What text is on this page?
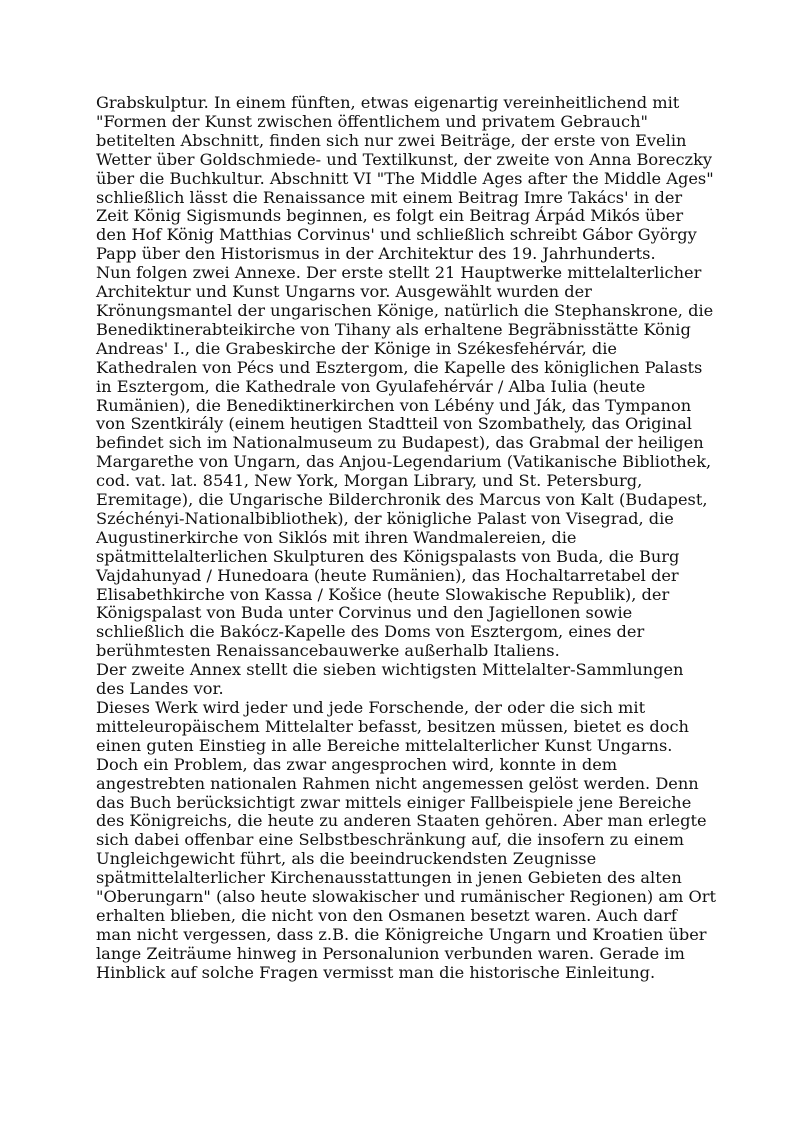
Grabskulptur. In einem fünften, etwas eigenartig vereinheitlichend mit "Formen der Kunst zwischen öffentlichem und privatem Gebrauch" betitelten Abschnitt, finden sich nur zwei Beiträge, der erste von Evelin Wetter über Goldschmiede- und Textilkunst, der zweite von Anna Boreczky über die Buchkultur. Abschnitt VI "The Middle Ages after the Middle Ages" schließlich lässt die Renaissance mit einem Beitrag Imre Takács' in der Zeit König Sigismunds beginnen, es folgt ein Beitrag Árpád Mikós über den Hof König Matthias Corvinus' und schließlich schreibt Gábor György Papp über den Historismus in der Architektur des 19. Jahrhunderts.

Nun folgen zwei Annexe. Der erste stellt 21 Hauptwerke mittelalterlicher Architektur und Kunst Ungarns vor. Ausgewählt wurden der Krönungsmantel der ungarischen Könige, natürlich die Stephanskrone, die Benediktinerabteikirche von Tihany als erhaltene Begräbnisstätte König Andreas' I., die Grabeskirche der Könige in Székesfehérvár, die Kathedralen von Pécs und Esztergom, die Kapelle des königlichen Palasts in Esztergom, die Kathedrale von Gyulafehérvár / Alba Iulia (heute Rumänien), die Benediktinerkirchen von Lébény und Ják, das Tympanon von Szentkirály (einem heutigen Stadtteil von Szombathely, das Original befindet sich im Nationalmuseum zu Budapest), das Grabmal der heiligen Margarethe von Ungarn, das Anjou-Legendarium (Vatikanische Bibliothek, cod. vat. lat. 8541, New York, Morgan Library, und St. Petersburg, Eremitage), die Ungarische Bilderchronik des Marcus von Kalt (Budapest, Széchényi-Nationalbibliothek), der königliche Palast von Visegrad, die Augustinerkirche von Siklós mit ihren Wandmalereien, die spätmittelalterlichen Skulpturen des Königspalasts von Buda, die Burg Vajdahunyad / Hunedoara (heute Rumänien), das Hochaltarretabel der Elisabethkirche von Kassa / Košice (heute Slowakische Republik), der Königspalast von Buda unter Corvinus und den Jagiellonen sowie schließlich die Bakócz-Kapelle des Doms von Esztergom, eines der berühmtesten Renaissancebauwerke außerhalb Italiens.

Der zweite Annex stellt die sieben wichtigsten Mittelalter-Sammlungen des Landes vor.

Dieses Werk wird jeder und jede Forschende, der oder die sich mit mitteleuropäischem Mittelalter befasst, besitzen müssen, bietet es doch einen guten Einstieg in alle Bereiche mittelalterlicher Kunst Ungarns. Doch ein Problem, das zwar angesprochen wird, konnte in dem angestrebten nationalen Rahmen nicht angemessen gelöst werden. Denn das Buch berücksichtigt zwar mittels einiger Fallbeispiele jene Bereiche des Königreichs, die heute zu anderen Staaten gehören. Aber man erlegte sich dabei offenbar eine Selbstbeschränkung auf, die insofern zu einem Ungleichgewicht führt, als die beeindruckendsten Zeugnisse spätmittelalterlicher Kirchenausstattungen in jenen Gebieten des alten "Oberungarn" (also heute slowakischer und rumänischer Regionen) am Ort erhalten blieben, die nicht von den Osmanen besetzt waren. Auch darf man nicht vergessen, dass z.B. die Königreiche Ungarn und Kroatien über lange Zeiträume hinweg in Personalunion verbunden waren. Gerade im Hinblick auf solche Fragen vermisst man die historische Einleitung.
